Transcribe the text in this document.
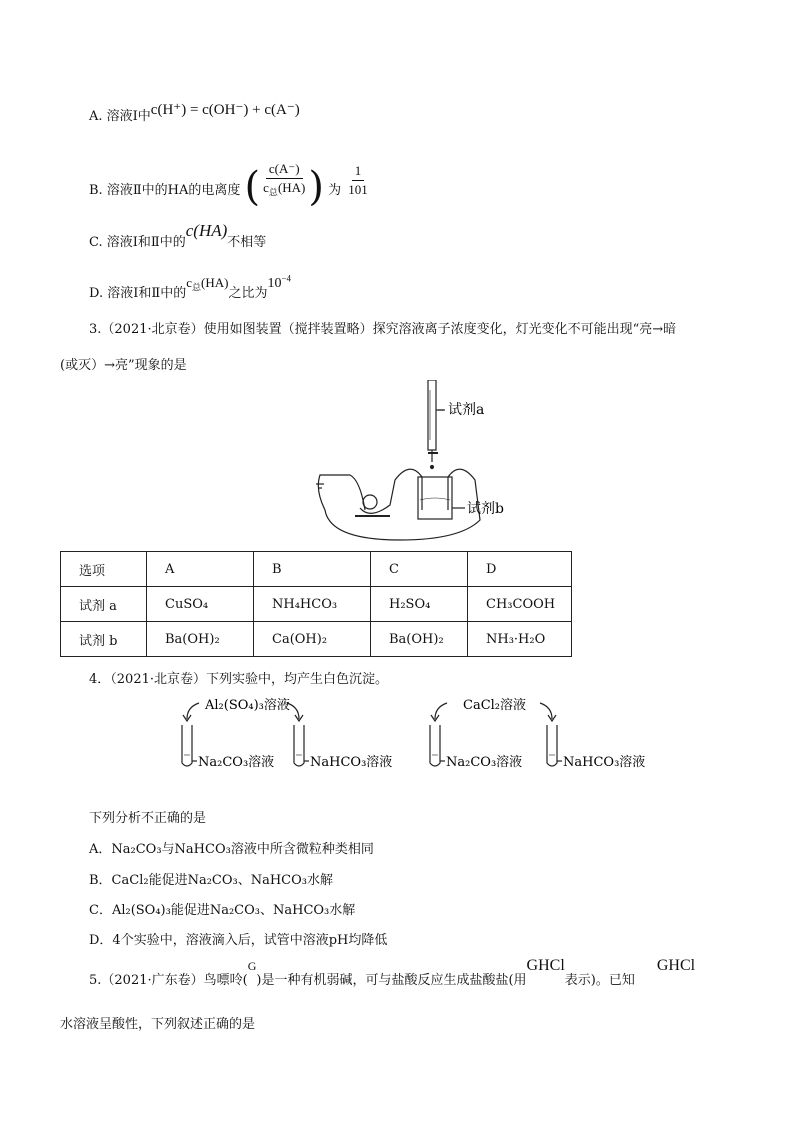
A. 溶液Ⅰ中c(H⁺) = c(OH⁻) + c(A⁻)
B. 溶液Ⅱ中的HA的电离度 ( $\frac{c(A^-)}{c_总(HA)}$ ) 为 $\frac{1}{101}$
C. 溶液Ⅰ和Ⅱ中的c(HA)不相等
D. 溶液Ⅰ和Ⅱ中的$c_总(HA)$之比为$10^{-4}$
3.（2021·北京卷）使用如图装置（搅拌装置略）探究溶液离子浓度变化，灯光变化不可能出现“亮→暗
(或灭）→亮”现象的是
试剂a
试剂b
选项	A	B	C	D
试剂 a	CuSO₄	NH₄HCO₃	H₂SO₄	CH₃COOH
试剂 b	Ba(OH)₂	Ca(OH)₂	Ba(OH)₂	NH₃·H₂O
4．（2021·北京卷）下列实验中，均产生白色沉淀。
Al₂(SO₄)₃溶液	CaCl₂溶液
Na₂CO₃溶液	NaHCO₃溶液	Na₂CO₃溶液	NaHCO₃溶液
下列分析不正确的是
A．Na₂CO₃与NaHCO₃溶液中所含微粒种类相同
B．CaCl₂能促进Na₂CO₃、NaHCO₃水解
C．Al₂(SO₄)₃能促进Na₂CO₃、NaHCO₃水解
D．4个实验中，溶液滴入后，试管中溶液pH均降低
5.（2021·广东卷）鸟嘌呤(G)是一种有机弱碱，可与盐酸反应生成盐酸盐(用GHCl表示)。已知GHCl
水溶液呈酸性，下列叙述正确的是
